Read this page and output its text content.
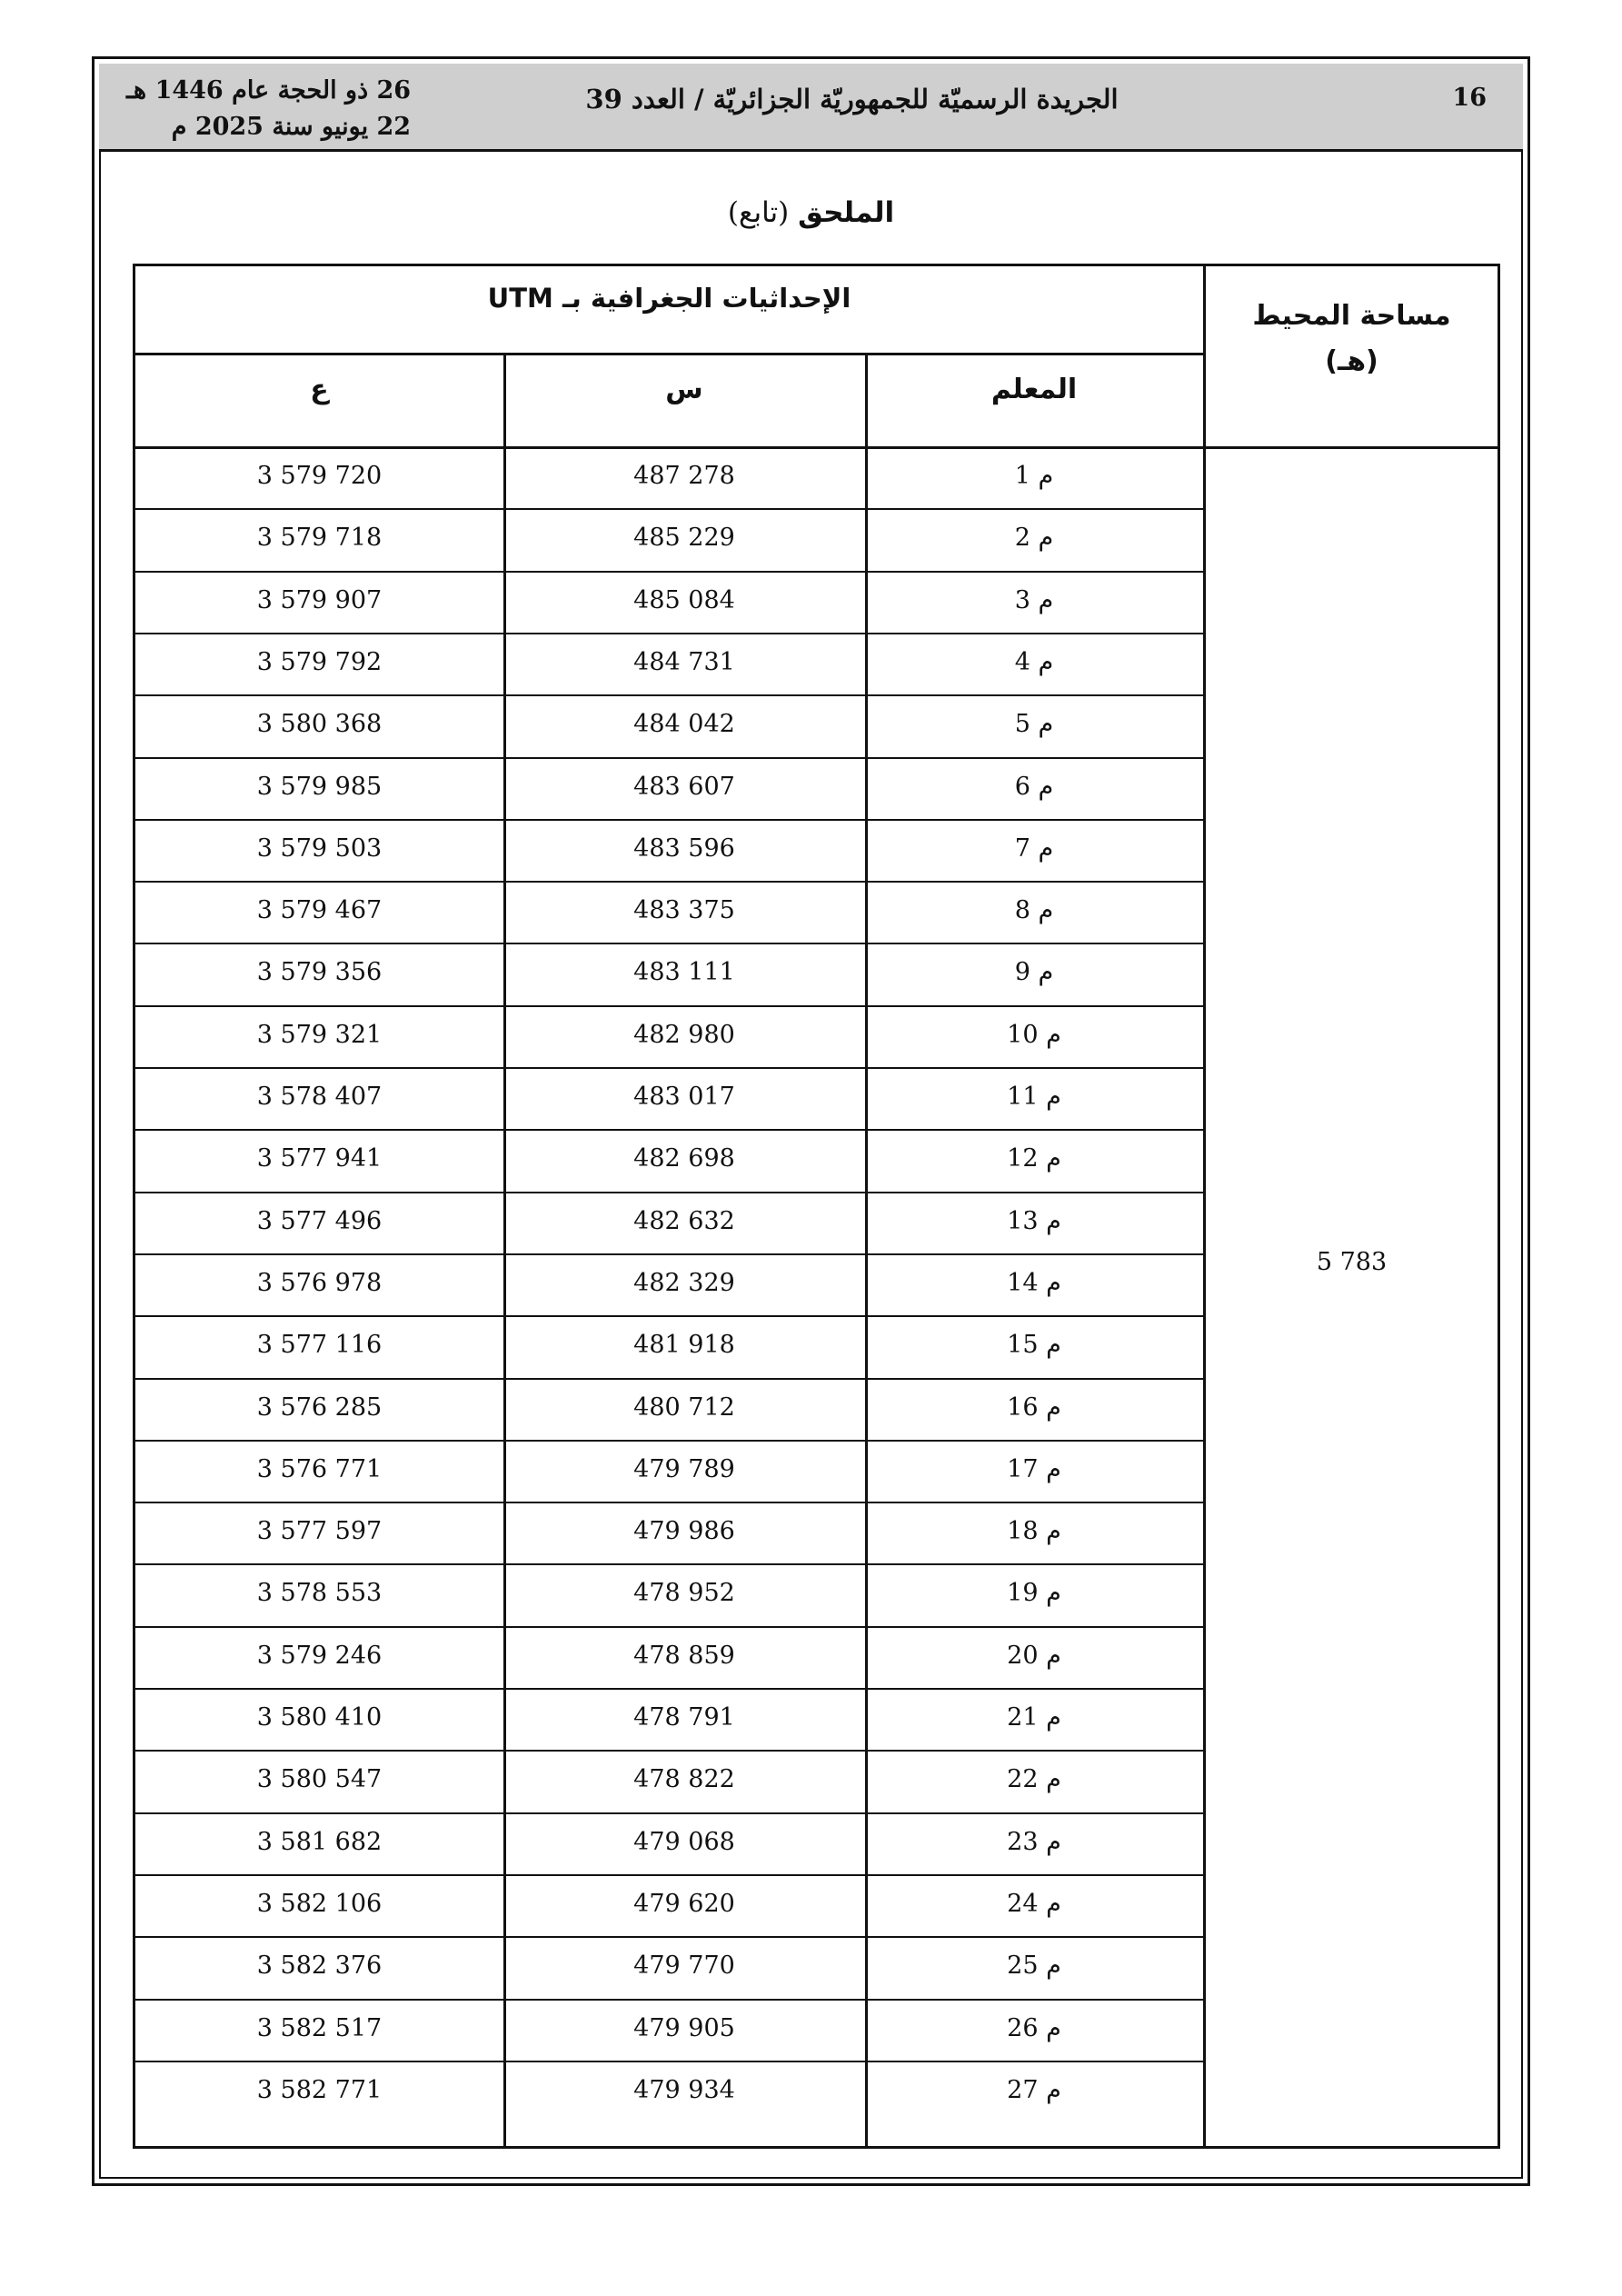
16
الجريدة الرسميّة للجمهوريّة الجزائريّة / العدد 39
26 ذو الحجة عام 1446 هـ
22 يونيو سنة 2025 م
الملحق (تابع)
الإحداثيات الجغرافية بـ UTM
مساحة المحيط
(هـ)
المعلم
س
ع
5 783
3 579 720	487 278	م 1
3 579 718	485 229	م 2
3 579 907	485 084	م 3
3 579 792	484 731	م 4
3 580 368	484 042	م 5
3 579 985	483 607	م 6
3 579 503	483 596	م 7
3 579 467	483 375	م 8
3 579 356	483 111	م 9
3 579 321	482 980	م 10
3 578 407	483 017	م 11
3 577 941	482 698	م 12
3 577 496	482 632	م 13
3 576 978	482 329	م 14
3 577 116	481 918	م 15
3 576 285	480 712	م 16
3 576 771	479 789	م 17
3 577 597	479 986	م 18
3 578 553	478 952	م 19
3 579 246	478 859	م 20
3 580 410	478 791	م 21
3 580 547	478 822	م 22
3 581 682	479 068	م 23
3 582 106	479 620	م 24
3 582 376	479 770	م 25
3 582 517	479 905	م 26
3 582 771	479 934	م 27
